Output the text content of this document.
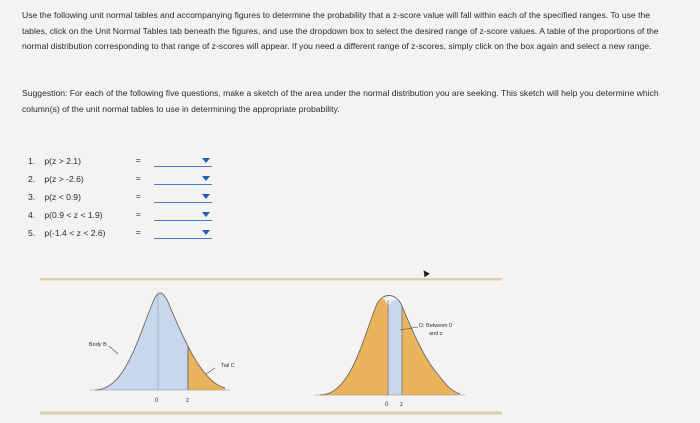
Use the following unit normal tables and accompanying figures to determine the probability that a z-score value will fall within each of the specified ranges. To use the tables, click on the Unit Normal Tables tab beneath the figures, and use the dropdown box to select the desired range of z-score values. A table of the proportions of the normal distribution corresponding to that range of z-scores will appear. If you need a different range of z-scores, simply click on the box again and select a new range.

Suggestion: For each of the following five questions, make a sketch of the area under the normal distribution you are seeking. This sketch will help you determine which column(s) of the unit normal tables to use in determining the appropriate probability.

1. p(z > 2.1)	=
2. p(z > -2.6)	=
3. p(z < 0.9)	=
4. p(0.9 < z < 1.9)	=
5. p(-1.4 < z < 2.6)	=
▲
Body B
Tail C
0	z
D: Between 0
and z
0 z
